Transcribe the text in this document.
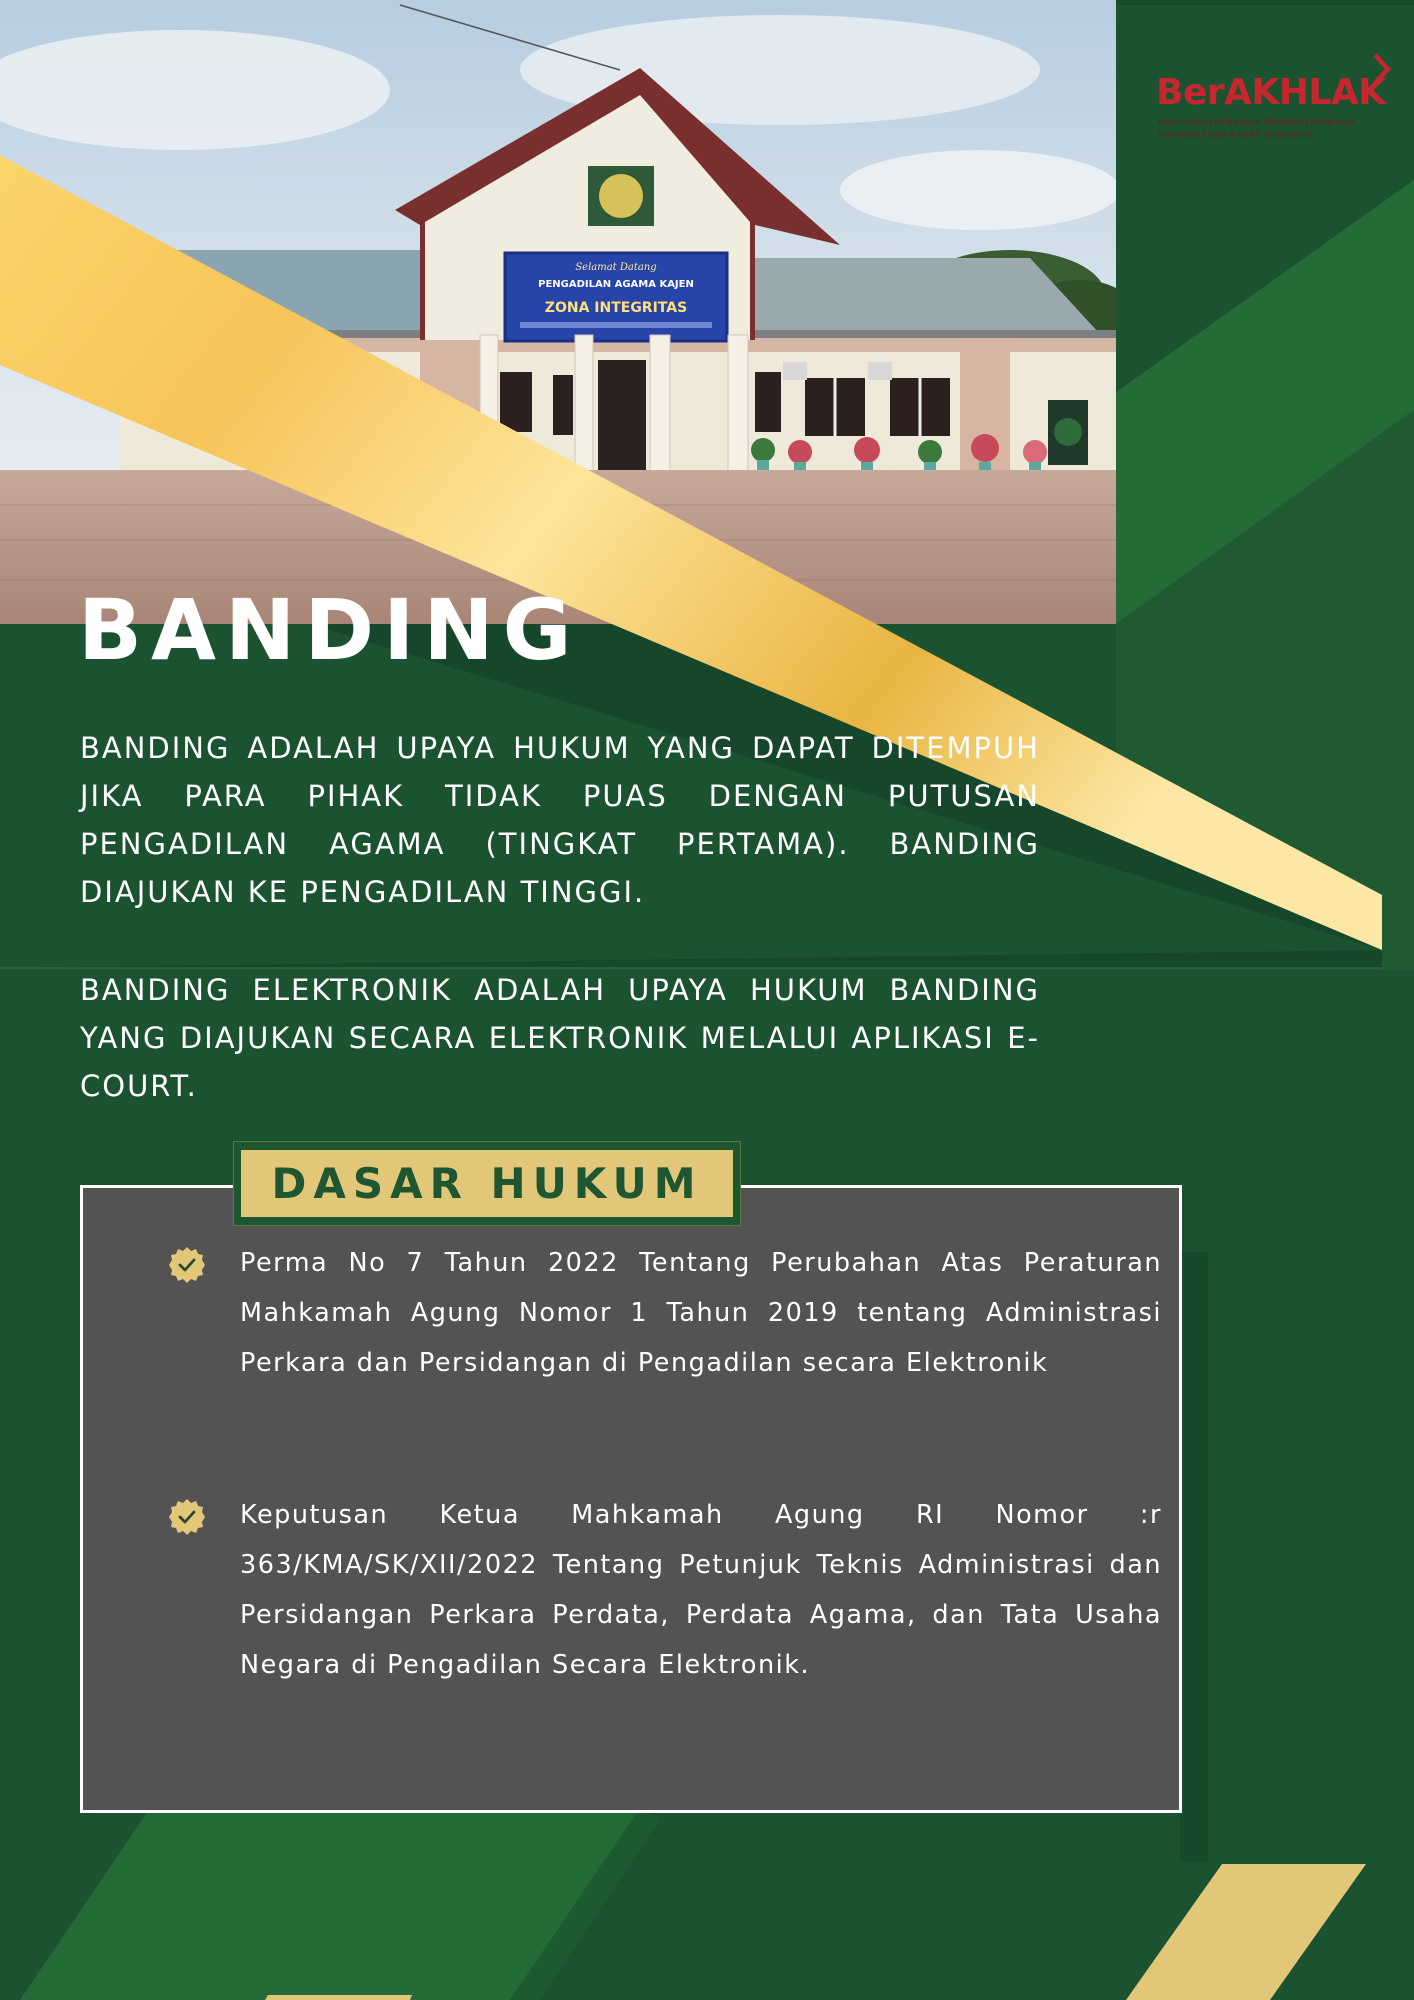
Selamat Datang
PENGADILAN AGAMA KAJEN
ZONA INTEGRITAS
BerAKHLAK
Berorientasi Pelayanan Akuntabel Kompeten
Harmonis Loyal Adaptif Kolaboratif
BANDING

BANDING ADALAH UPAYA HUKUM YANG DAPAT DITEMPUH JIKA PARA PIHAK TIDAK PUAS DENGAN PUTUSAN PENGADILAN AGAMA (TINGKAT PERTAMA). BANDING DIAJUKAN KE PENGADILAN TINGGI.

BANDING ELEKTRONIK ADALAH UPAYA HUKUM BANDING YANG DIAJUKAN SECARA ELEKTRONIK MELALUI APLIKASI E-COURT.

DASAR HUKUM

Perma No 7 Tahun 2022 Tentang Perubahan Atas Peraturan Mahkamah Agung Nomor 1 Tahun 2019 tentang Administrasi Perkara dan Persidangan di Pengadilan secara Elektronik

Keputusan Ketua Mahkamah Agung RI Nomor :r 363/KMA/SK/XII/2022 Tentang Petunjuk Teknis Administrasi dan Persidangan Perkara Perdata, Perdata Agama, dan Tata Usaha Negara di Pengadilan Secara Elektronik.
